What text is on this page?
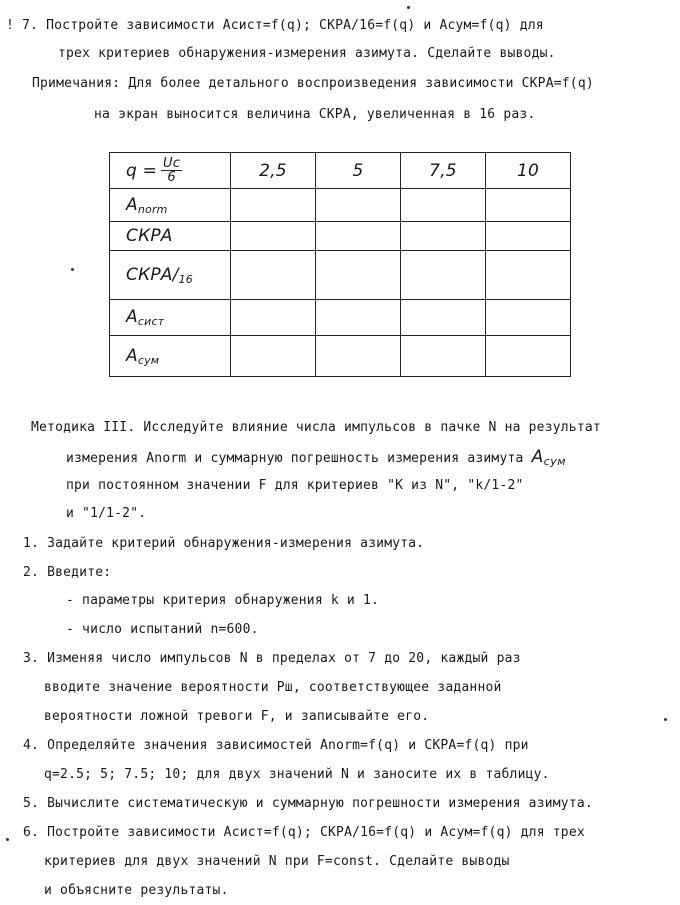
! 7. Постройте зависимости Асист=f(q); СКРА/16=f(q) и Асум=f(q) для
трех критериев обнаружения-измерения азимута. Сделайте выводы.
Примечания: Для более детального воспроизведения зависимости СКРА=f(q)
на экран выносится величина СКРА, увеличенная в 16 раз.
$q = \frac{Uc}{6}$	2,5	5	7,5	10
$A_{norm}$				
СКРА				
СКРА/$_{16}$				
$A_{сист}$				
$A_{сум}$				
Методика III. Исследуйте влияние числа импульсов в пачке N на результат
измерения Anorm и суммарную погрешность измерения азимута $A_{сум}$
при постоянном значении F для критериев "K из N", "k/1-2"
и "1/1-2".
1. Задайте критерий обнаружения-измерения азимута.
2. Введите:
- параметры критерия обнаружения k и 1.
- число испытаний n=600.
3. Изменяя число импульсов N в пределах от 7 до 20, каждый раз
вводите значение вероятности Рш, соответствующее заданной
вероятности ложной тревоги F, и записывайте его.
4. Определяйте значения зависимостей Anorm=f(q) и СКРА=f(q) при
q=2.5; 5; 7.5; 10; для двух значений N и заносите их в таблицу.
5. Вычислите систематическую и суммарную погрешности измерения азимута.
6. Постройте зависимости Асист=f(q); СКРА/16=f(q) и Асум=f(q) для трех
критериев для двух значений N при F=const. Сделайте выводы
и объясните результаты.
